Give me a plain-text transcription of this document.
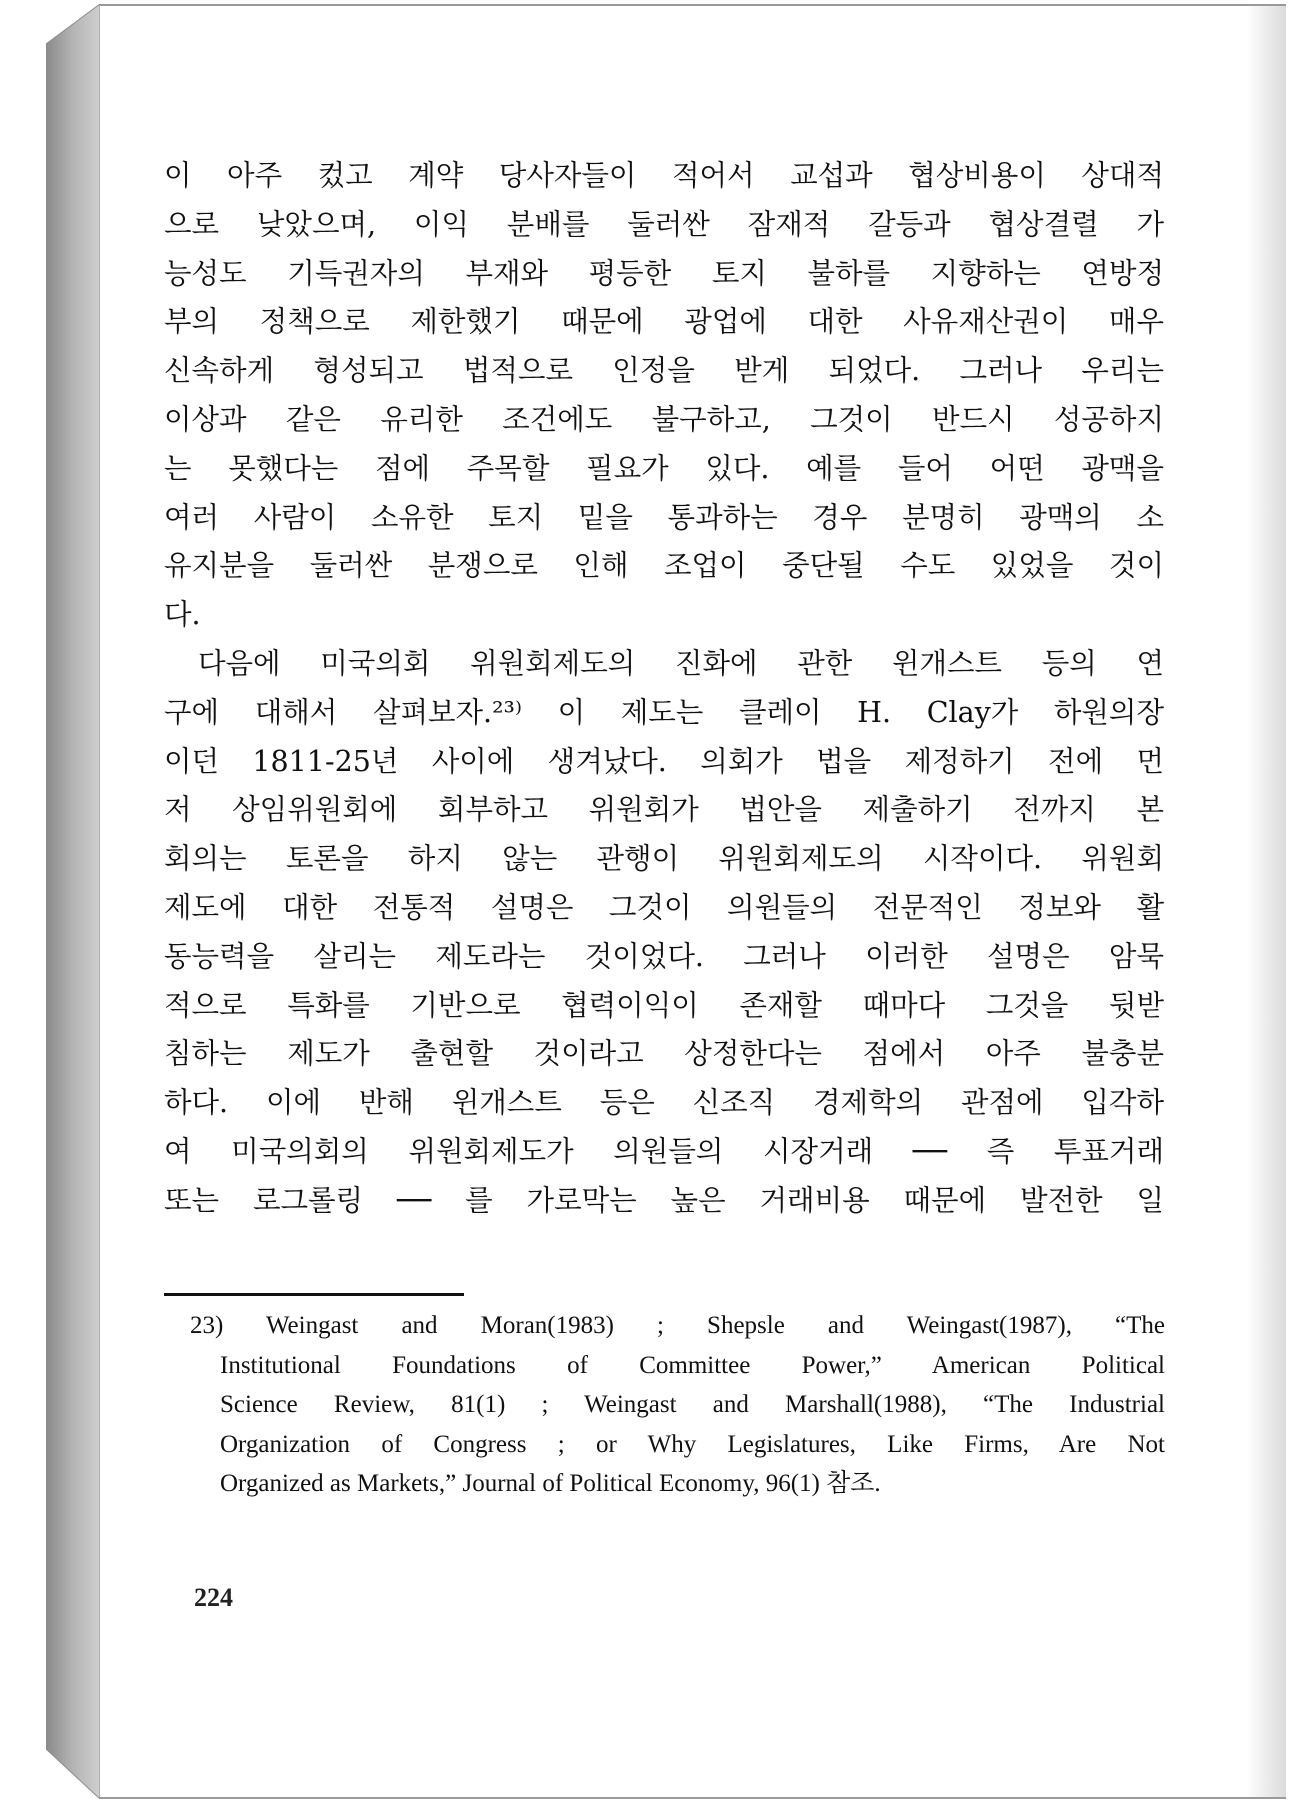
이 아주 컸고 계약 당사자들이 적어서 교섭과 협상비용이 상대적
으로 낮았으며, 이익 분배를 둘러싼 잠재적 갈등과 협상결렬 가
능성도 기득권자의 부재와 평등한 토지 불하를 지향하는 연방정
부의 정책으로 제한했기 때문에 광업에 대한 사유재산권이 매우
신속하게 형성되고 법적으로 인정을 받게 되었다. 그러나 우리는
이상과 같은 유리한 조건에도 불구하고, 그것이 반드시 성공하지
는 못했다는 점에 주목할 필요가 있다. 예를 들어 어떤 광맥을
여러 사람이 소유한 토지 밑을 통과하는 경우 분명히 광맥의 소
유지분을 둘러싼 분쟁으로 인해 조업이 중단될 수도 있었을 것이
다.
다음에 미국의회 위원회제도의 진화에 관한 윈개스트 등의 연
구에 대해서 살펴보자.²³⁾ 이 제도는 클레이 H. Clay가 하원의장
이던 1811-25년 사이에 생겨났다. 의회가 법을 제정하기 전에 먼
저 상임위원회에 회부하고 위원회가 법안을 제출하기 전까지 본
회의는 토론을 하지 않는 관행이 위원회제도의 시작이다. 위원회
제도에 대한 전통적 설명은 그것이 의원들의 전문적인 정보와 활
동능력을 살리는 제도라는 것이었다. 그러나 이러한 설명은 암묵
적으로 특화를 기반으로 협력이익이 존재할 때마다 그것을 뒷받
침하는 제도가 출현할 것이라고 상정한다는 점에서 아주 불충분
하다. 이에 반해 윈개스트 등은 신조직 경제학의 관점에 입각하
여 미국의회의 위원회제도가 의원들의 시장거래 ── 즉 투표거래
또는 로그롤링 ── 를 가로막는 높은 거래비용 때문에 발전한 일
23) Weingast and Moran(1983) ; Shepsle and Weingast(1987), “The
Institutional Foundations of Committee Power,” American Political
Science Review, 81(1) ; Weingast and Marshall(1988), “The Industrial
Organization of Congress ; or Why Legislatures, Like Firms, Are Not
Organized as Markets,” Journal of Political Economy, 96(1) 참조.
224
